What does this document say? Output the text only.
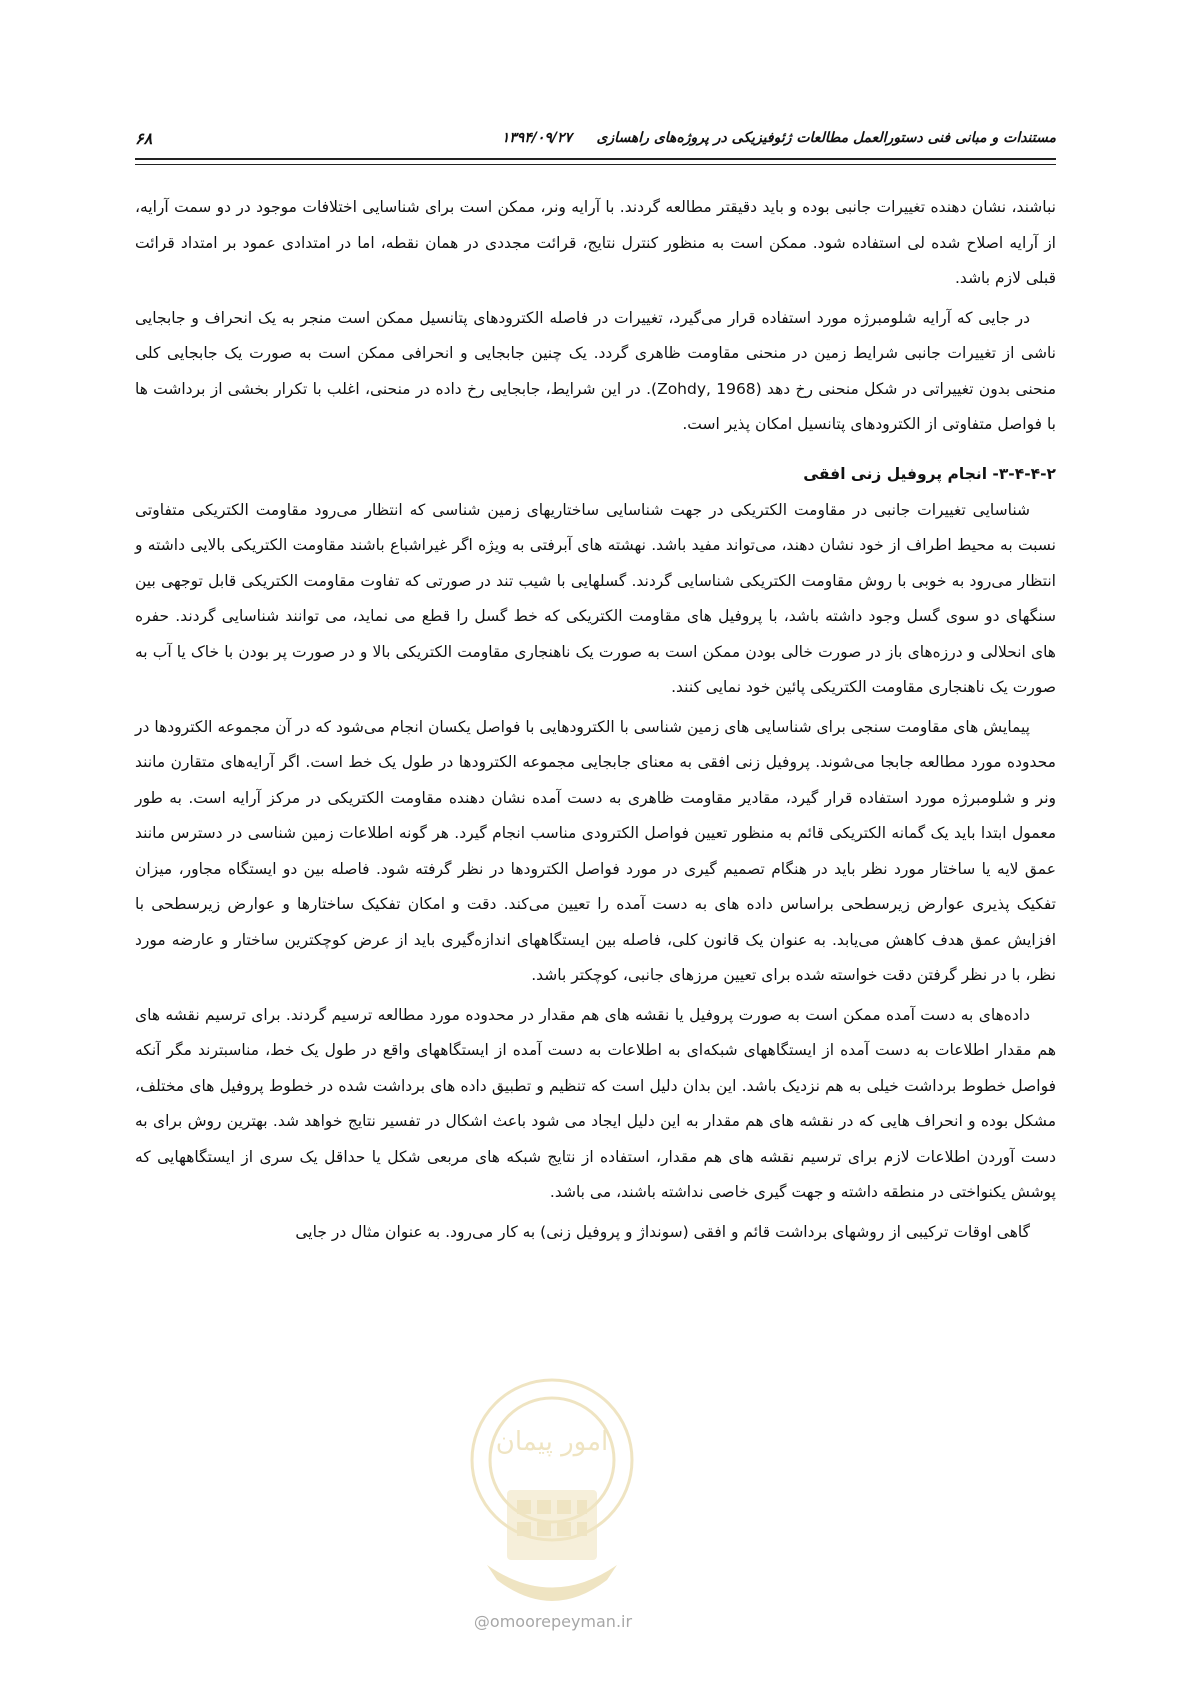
مستندات و مبانی فنی دستورالعمل مطالعات ژئوفیزیکی در پروژه‌های راهسازی     ۱۳۹۴/۰۹/۲۷
۶۸

نباشند، نشان دهنده تغییرات جانبی بوده و باید دقیقتر مطالعه گردند. با آرایه ونر، ممکن است برای شناسایی اختلافات موجود در دو سمت آرایه، از آرایه اصلاح شده لی استفاده شود. ممکن است به منظور کنترل نتایج، قرائت مجددی در همان نقطه، اما در امتدادی عمود بر امتداد قرائت قبلی لازم باشد.

در جایی که آرایه شلومبرژه مورد استفاده قرار می‌گیرد، تغییرات در فاصله الکترودهای پتانسیل ممکن است منجر به یک انحراف و جابجایی ناشی از تغییرات جانبی شرایط زمین در منحنی مقاومت ظاهری گردد. یک چنین جابجایی و انحرافی ممکن است به صورت یک جابجایی کلی منحنی بدون تغییراتی در شکل منحنی رخ دهد (Zohdy, 1968). در این شرایط، جابجایی رخ داده در منحنی، اغلب با تکرار بخشی از برداشت ها با فواصل متفاوتی از الکترودهای پتانسیل امکان پذیر است.

۳-۴-۴-۲- انجام پروفیل زنی افقی

شناسایی تغییرات جانبی در مقاومت الکتریکی در جهت شناسایی ساختاریهای زمین شناسی که انتظار می‌رود مقاومت الکتریکی متفاوتی نسبت به محیط اطراف از خود نشان دهند، می‌تواند مفید باشد. نهشته های آبرفتی به ویژه اگر غیراشباع باشند مقاومت الکتریکی بالایی داشته و انتظار می‌رود به خوبی با روش مقاومت الکتریکی شناسایی گردند. گسلهایی با شیب تند در صورتی که تفاوت مقاومت الکتریکی قابل توجهی بین سنگهای دو سوی گسل وجود داشته باشد، با پروفیل های مقاومت الکتریکی که خط گسل را قطع می نماید، می توانند شناسایی گردند. حفره های انحلالی و درزه‌های باز در صورت خالی بودن ممکن است به صورت یک ناهنجاری مقاومت الکتریکی بالا و در صورت پر بودن با خاک یا آب به صورت یک ناهنجاری مقاومت الکتریکی پائین خود نمایی کنند.

پیمایش های مقاومت سنجی برای شناسایی های زمین شناسی با الکترودهایی با فواصل یکسان انجام می‌شود که در آن مجموعه الکترودها در محدوده مورد مطالعه جابجا می‌شوند. پروفیل زنی افقی به معنای جابجایی مجموعه الکترودها در طول یک خط است. اگر آرایه‌های متقارن مانند ونر و شلومبرژه مورد استفاده قرار گیرد، مقادیر مقاومت ظاهری به دست آمده نشان دهنده مقاومت الکتریکی در مرکز آرایه است. به طور معمول ابتدا باید یک گمانه الکتریکی قائم به منظور تعیین فواصل الکترودی مناسب انجام گیرد. هر گونه اطلاعات زمین شناسی در دسترس مانند عمق لایه یا ساختار مورد نظر باید در هنگام تصمیم گیری در مورد فواصل الکترودها در نظر گرفته شود. فاصله بین دو ایستگاه مجاور، میزان تفکیک پذیری عوارض زیرسطحی براساس داده های به دست آمده را تعیین می‌کند. دقت و امکان تفکیک ساختارها و عوارض زیرسطحی با افزایش عمق هدف کاهش می‌یابد. به عنوان یک قانون کلی، فاصله بین ایستگاههای اندازه‌گیری باید از عرض کوچکترین ساختار و عارضه مورد نظر، با در نظر گرفتن دقت خواسته شده برای تعیین مرزهای جانبی، کوچکتر باشد.

داده‌های به دست آمده ممکن است به صورت پروفیل یا نقشه های هم مقدار در محدوده مورد مطالعه ترسیم گردند. برای ترسیم نقشه های هم مقدار اطلاعات به دست آمده از ایستگاههای شبکه‌ای به اطلاعات به دست آمده از ایستگاههای واقع در طول یک خط، مناسبترند مگر آنکه فواصل خطوط برداشت خیلی به هم نزدیک باشد. این بدان دلیل است که تنظیم و تطبیق داده های برداشت شده در خطوط پروفیل های مختلف، مشکل بوده و انحراف هایی که در نقشه های هم مقدار به این دلیل ایجاد می شود باعث اشکال در تفسیر نتایج خواهد شد. بهترین روش برای به دست آوردن اطلاعات لازم برای ترسیم نقشه های هم مقدار، استفاده از نتایج شبکه های مربعی شکل یا حداقل یک سری از ایستگاههایی که پوشش یکنواختی در منطقه داشته و جهت گیری خاصی نداشته باشند، می باشد.

گاهی اوقات ترکیبی از روشهای برداشت قائم و افقی (سونداژ و پروفیل زنی) به کار می‌رود. به عنوان مثال در جایی

امور پیمان
@omoorepeyman.ir
